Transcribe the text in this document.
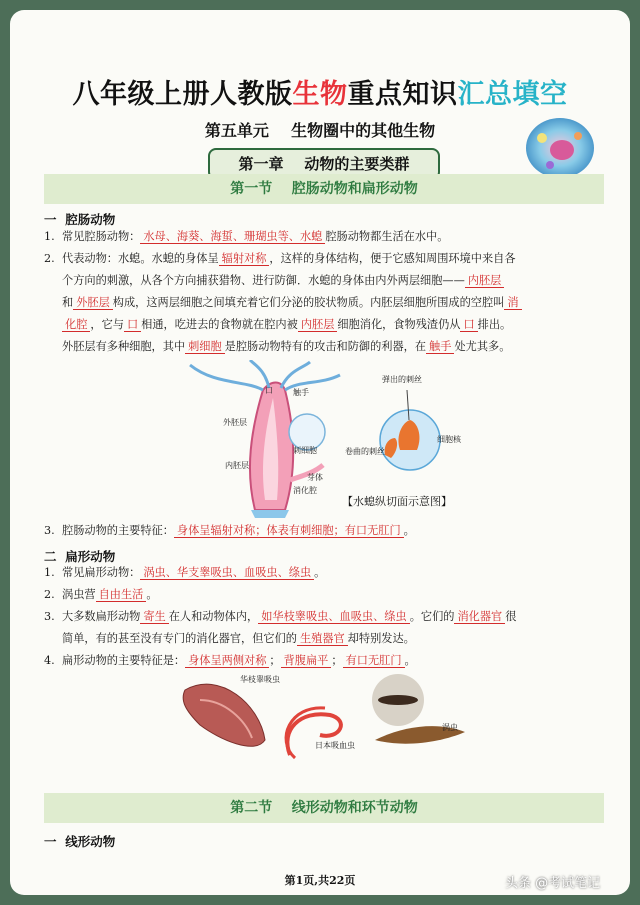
八年级上册人教版生物重点知识汇总填空
第五单元    生物圈中的其他生物
第一章    动物的主要类群
第一节    腔肠动物和扁形动物
一  腔肠动物
1. 常见腔肠动物： 水母、海葵、海蜇、珊瑚虫等、水螅 腔肠动物都生活在水中。
2. 代表动物：水螅。水螅的身体呈 辐射对称 ，这样的身体结构，便于它感知周围环境中来自各
个方向的刺激，从各个方向捕获猎物、进行防御．水螅的身体由内外两层细胞—— 内胚层
和 外胚层 构成，这两层细胞之间填充着它们分泌的胶状物质。内胚层细胞所围成的空腔叫 消
化腔 ，它与 口 相通，吃进去的食物就在腔内被 内胚层 细胞消化，食物残渣仍从 口 排出。
外胚层有多种细胞，其中 刺细胞 是腔肠动物特有的攻击和防御的利器，在 触手 处尤其多。
口	触手
外胚层
刺细胞
内胚层
芽体
消化腔
弹出的刺丝
卷曲的刺丝
细胞核
【水螅纵切面示意图】
3. 腔肠动物的主要特征： 身体呈辐射对称；体表有刺细胞；有口无肛门 。
二  扁形动物
1. 常见扁形动物： 涡虫、华支睾吸虫、血吸虫、绦虫 。
2. 涡虫营 自由生活 。
3. 大多数扁形动物 寄生 在人和动物体内， 如华枝睾吸虫、血吸虫、绦虫 。它们的 消化器官 很
简单，有的甚至没有专门的消化器官，但它们的 生殖器官 却特别发达。
4. 扁形动物的主要特征是： 身体呈两侧对称 ； 背腹扁平 ； 有口无肛门 。
华枝睾吸虫
日本吸血虫
涡虫
第二节    线形动物和环节动物
一  线形动物
第1页,共22页	头条 @考试笔记
